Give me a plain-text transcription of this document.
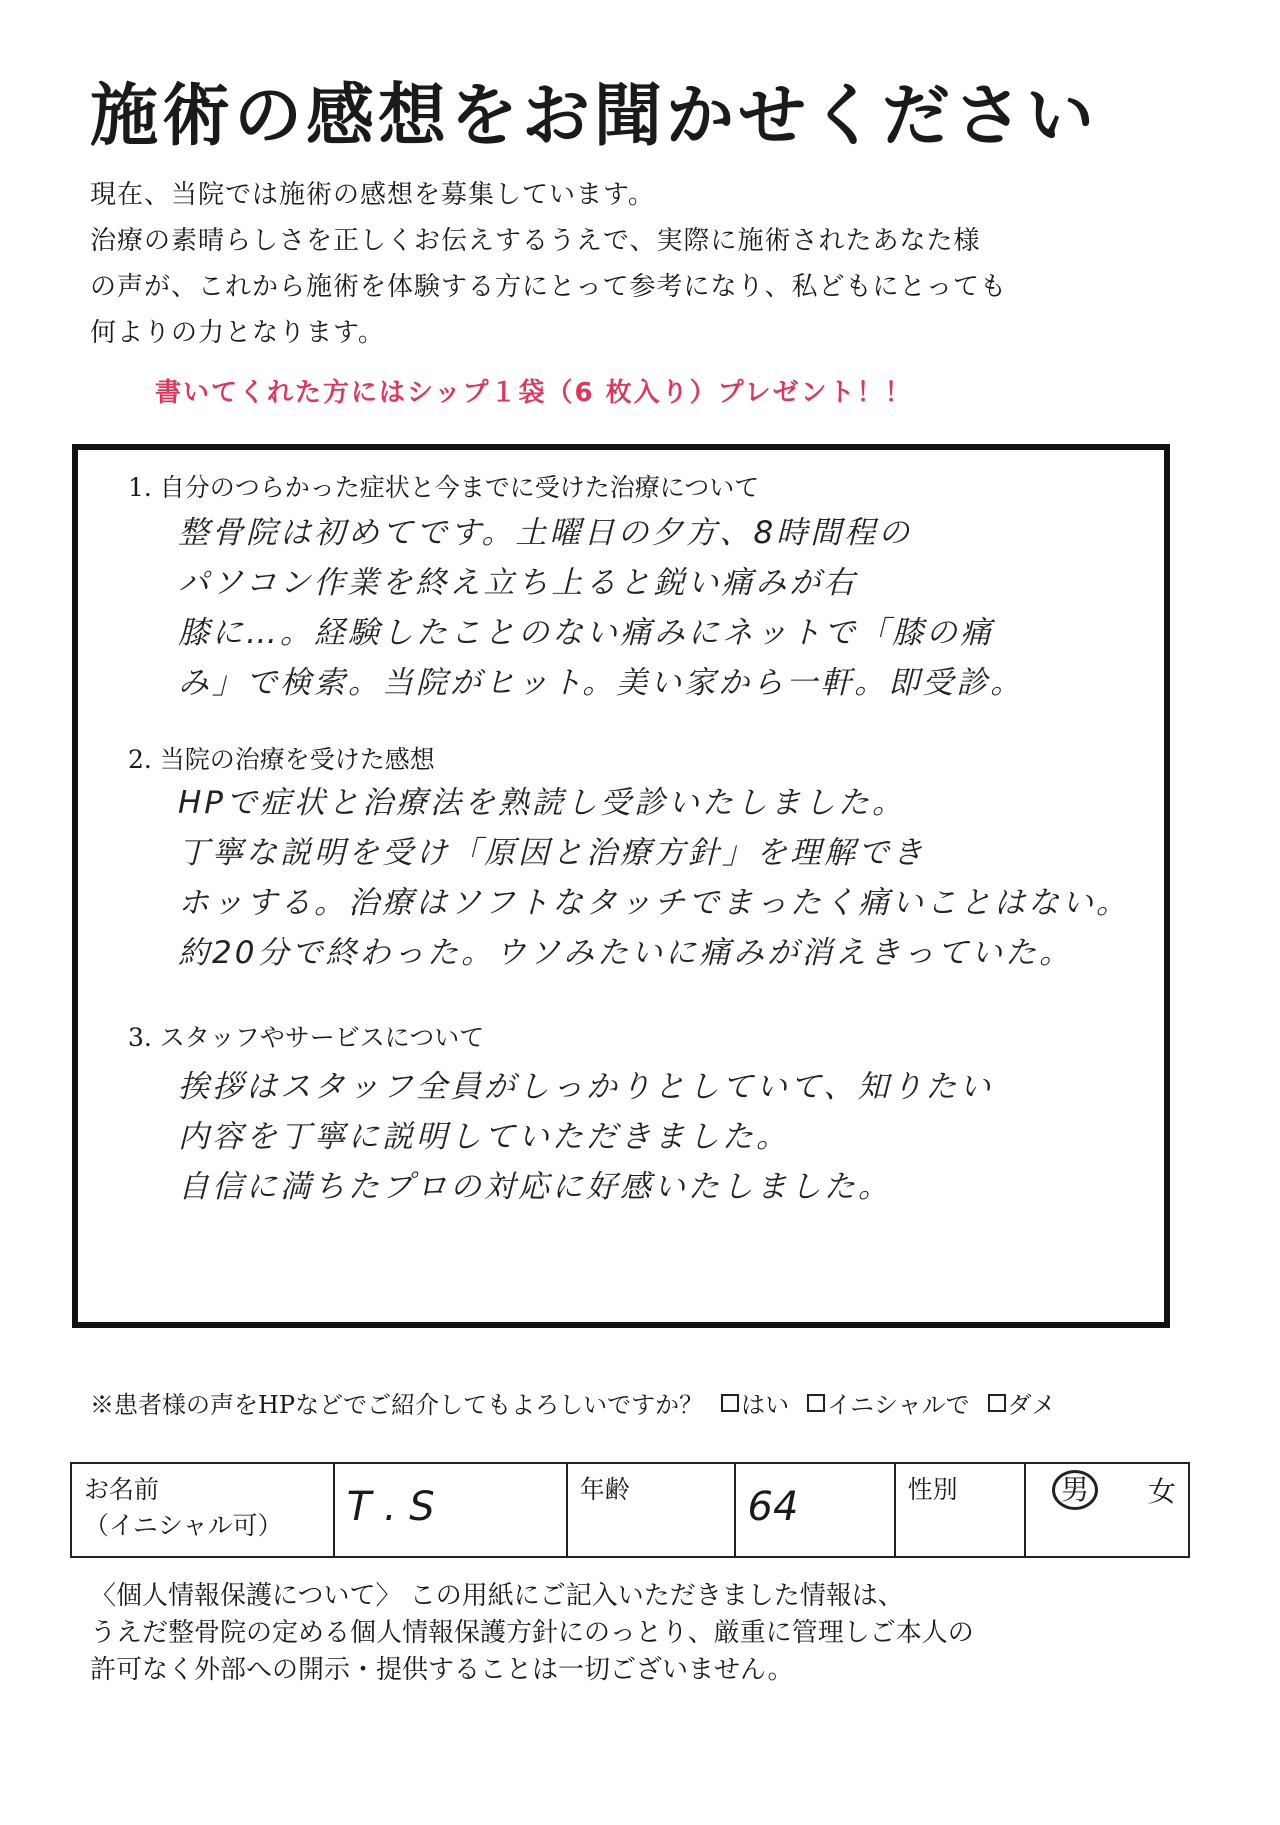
施術の感想をお聞かせください
現在、当院では施術の感想を募集しています。
治療の素晴らしさを正しくお伝えするうえで、実際に施術されたあなた様
の声が、これから施術を体験する方にとって参考になり、私どもにとっても
何よりの力となります。
書いてくれた方にはシップ１袋（6 枚入り）プレゼント！！
1. 自分のつらかった症状と今までに受けた治療について
整骨院は初めてです。土曜日の夕方、8時間程の
パソコン作業を終え立ち上ると鋭い痛みが右
膝に…。経験したことのない痛みにネットで「膝の痛
み」で検索。当院がヒット。美い家から一軒。即受診。
2. 当院の治療を受けた感想
HPで症状と治療法を熟読し受診いたしました。
丁寧な説明を受け「原因と治療方針」を理解でき
ホッする。治療はソフトなタッチでまったく痛いことはない。
約20分で終わった。ウソみたいに痛みが消えきっていた。
3. スタッフやサービスについて
挨拶はスタッフ全員がしっかりとしていて、知りたい
内容を丁寧に説明していただきました。
自信に満ちたプロの対応に好感いたしました。
※患者様の声をHPなどでご紹介してもよろしいですか？ はい イニシャルで ダメ
お名前
（イニシャル可）	T . S	年齢	64	性別	男	女
〈個人情報保護について〉 この用紙にご記入いただきました情報は、
うえだ整骨院の定める個人情報保護方針にのっとり、厳重に管理しご本人の
許可なく外部への開示・提供することは一切ございません。
